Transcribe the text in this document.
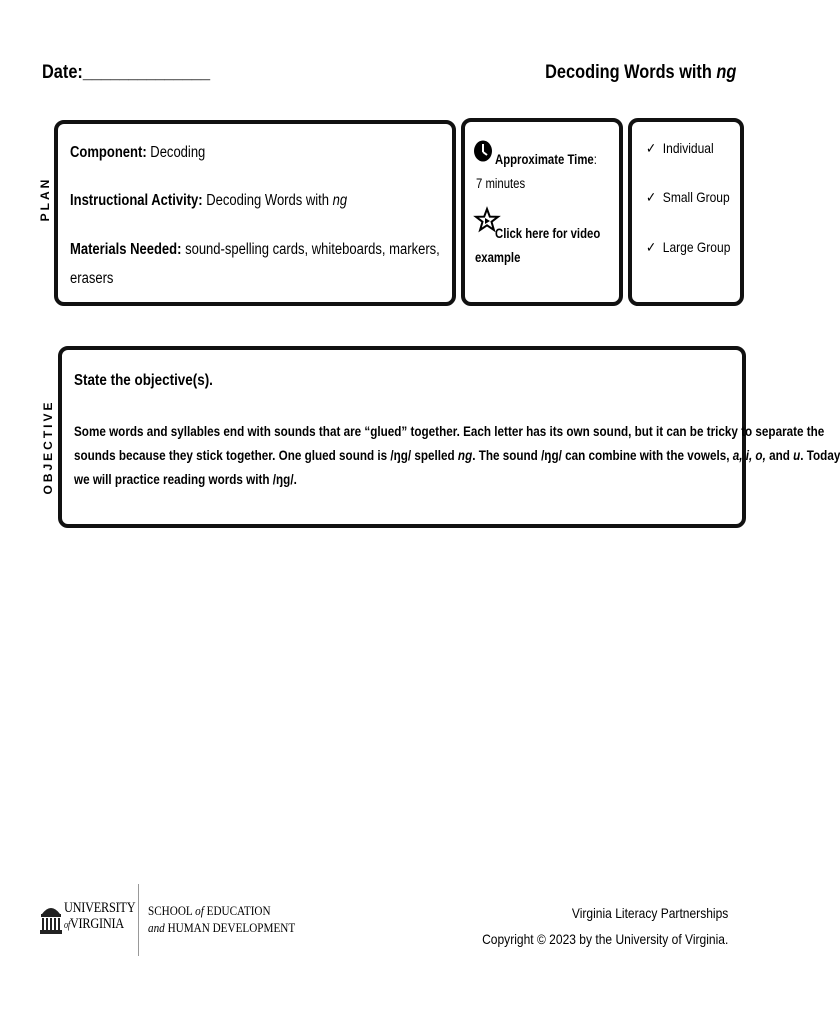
Date:______________	Decoding Words with ng
PLAN
Component: Decoding
Instructional Activity: Decoding Words with ng
Materials Needed: sound-spelling cards, whiteboards, markers,
erasers
Approximate Time:
7 minutes
Click here for video
example
✓ Individual
✓ Small Group
✓ Large Group
OBJECTIVE
State the objective(s).
Some words and syllables end with sounds that are “glued” together. Each letter has its own sound, but it can be tricky to separate the
sounds because they stick together. One glued sound is /ŋg/ spelled ng. The sound /ŋg/ can combine with the vowels, a, i, o, and u. Today
we will practice reading words with /ŋg/.
UNIVERSITY
ofVIRGINIA
SCHOOL of EDUCATION
and HUMAN DEVELOPMENT
Virginia Literacy Partnerships
Copyright © 2023 by the University of Virginia.
